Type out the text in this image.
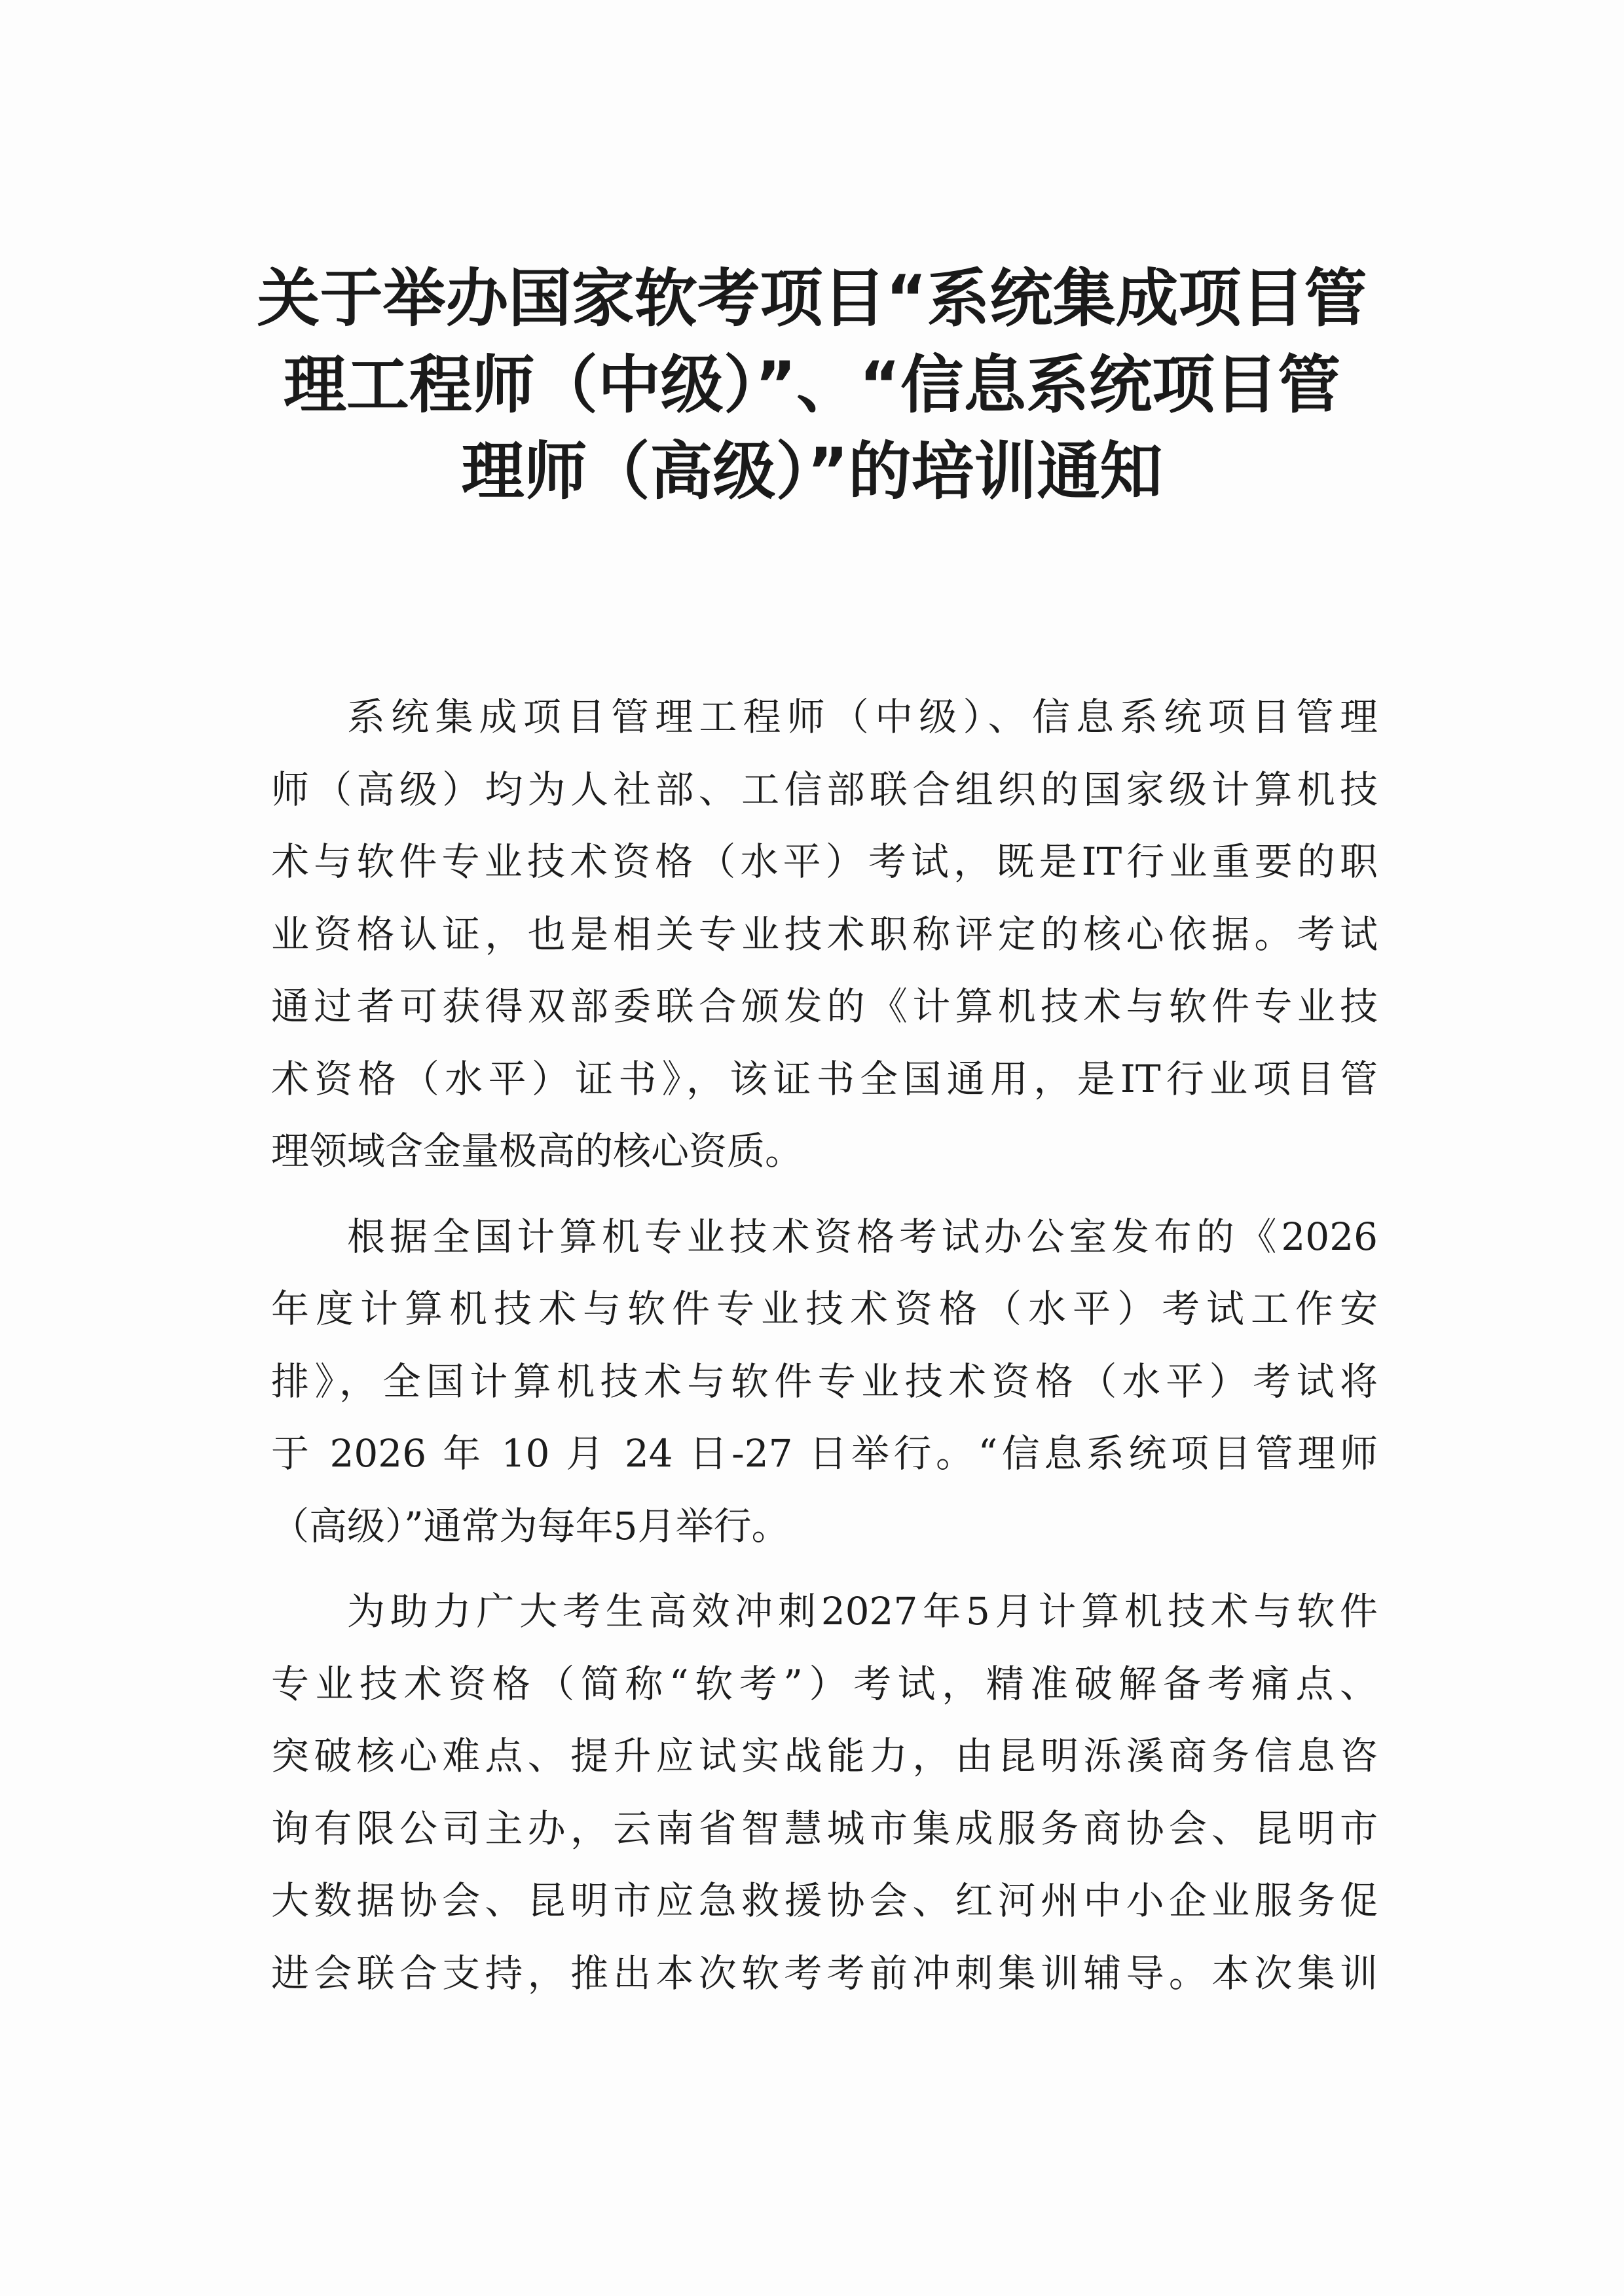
关于举办国家软考项目“系统集成项目管
理工程师（中级）”、“信息系统项目管
理师（高级）”的培训通知
系统集成项目管理工程师（中级）、信息系统项目管理
师（高级）均为人社部、工信部联合组织的国家级计算机技
术与软件专业技术资格（水平）考试，既是IT行业重要的职
业资格认证，也是相关专业技术职称评定的核心依据。考试
通过者可获得双部委联合颁发的《计算机技术与软件专业技
术资格（水平）证书》，该证书全国通用，是IT行业项目管
理领域含金量极高的核心资质。
根据全国计算机专业技术资格考试办公室发布的《2026
年度计算机技术与软件专业技术资格（水平）考试工作安
排》，全国计算机技术与软件专业技术资格（水平）考试将
于 2026 年 10 月 24 日-27 日举行。“信息系统项目管理师
（高级）”通常为每年5月举行。
为助力广大考生高效冲刺2027年5月计算机技术与软件
专业技术资格（简称“软考”）考试，精准破解备考痛点、
突破核心难点、提升应试实战能力，由昆明泺溪商务信息咨
询有限公司主办，云南省智慧城市集成服务商协会、昆明市
大数据协会、昆明市应急救援协会、红河州中小企业服务促
进会联合支持，推出本次软考考前冲刺集训辅导。本次集训
